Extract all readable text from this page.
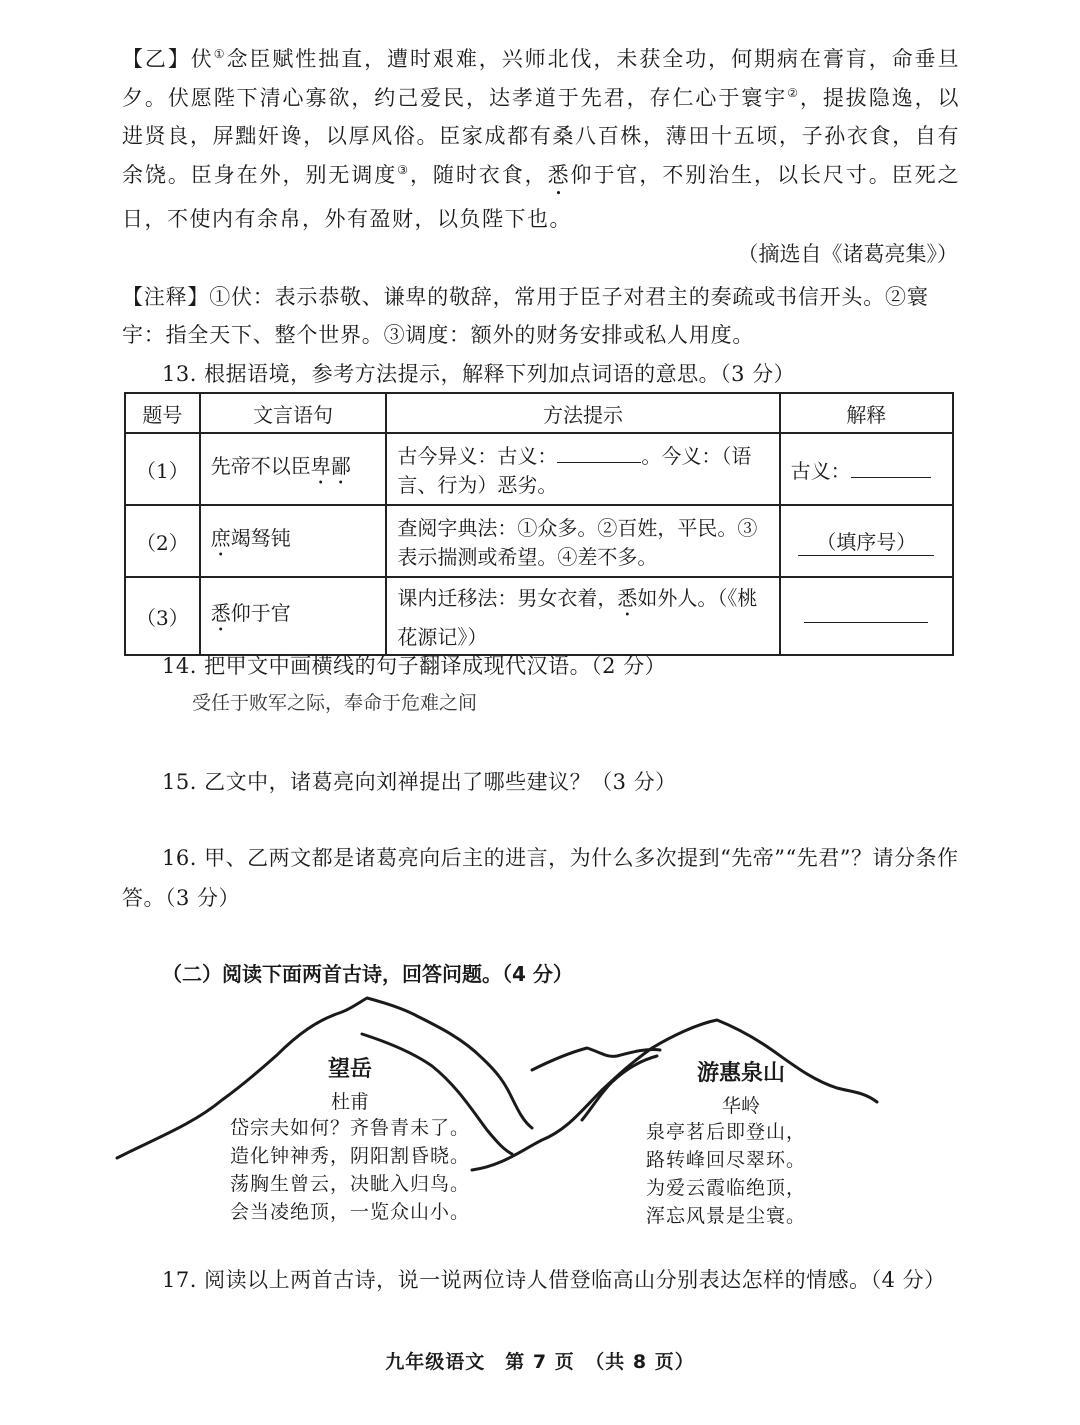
【乙】伏①念臣赋性拙直，遭时艰难，兴师北伐，未获全功，何期病在膏肓，命垂旦夕。伏愿陛下清心寡欲，约己爱民，达孝道于先君，存仁心于寰宇②，提拔隐逸，以进贤良，屏黜奸谗，以厚风俗。臣家成都有桑八百株，薄田十五顷，子孙衣食，自有余饶。臣身在外，别无调度③，随时衣食，悉仰于官，不别治生，以长尺寸。臣死之日，不使内有余帛，外有盈财，以负陛下也。
（摘选自《诸葛亮集》）
【注释】①伏：表示恭敬、谦卑的敬辞，常用于臣子对君主的奏疏或书信开头。②寰宇：指全天下、整个世界。③调度：额外的财务安排或私人用度。
13. 根据语境，参考方法提示，解释下列加点词语的意思。（3 分）
题号	文言语句	方法提示	解释
（1）	先帝不以臣卑鄙	古今异义：古义： 。今义：（语言、行为）恶劣。	古义：
（2）	庶竭驽钝	查阅字典法：①众多。②百姓，平民。③表示揣测或希望。④差不多。	（填序号）
（3）	悉仰于官	课内迁移法：男女衣着，悉如外人。（《桃花源记》）	
14. 把甲文中画横线的句子翻译成现代汉语。（2 分）
受任于败军之际，奉命于危难之间
15. 乙文中，诸葛亮向刘禅提出了哪些建议？（3 分）
16. 甲、乙两文都是诸葛亮向后主的进言，为什么多次提到“先帝”“先君”？请分条作答。（3 分）
（二）阅读下面两首古诗，回答问题。（4 分）
望岳
杜甫
岱宗夫如何？齐鲁青未了。
造化钟神秀，阴阳割昏晓。
荡胸生曾云，决眦入归鸟。
会当凌绝顶，一览众山小。
游惠泉山
华岭
泉亭茗后即登山，
路转峰回尽翠环。
为爱云霞临绝顶，
浑忘风景是尘寰。
17. 阅读以上两首古诗，说一说两位诗人借登临高山分别表达怎样的情感。（4 分）
九年级语文　第 7 页　（共 8 页）
